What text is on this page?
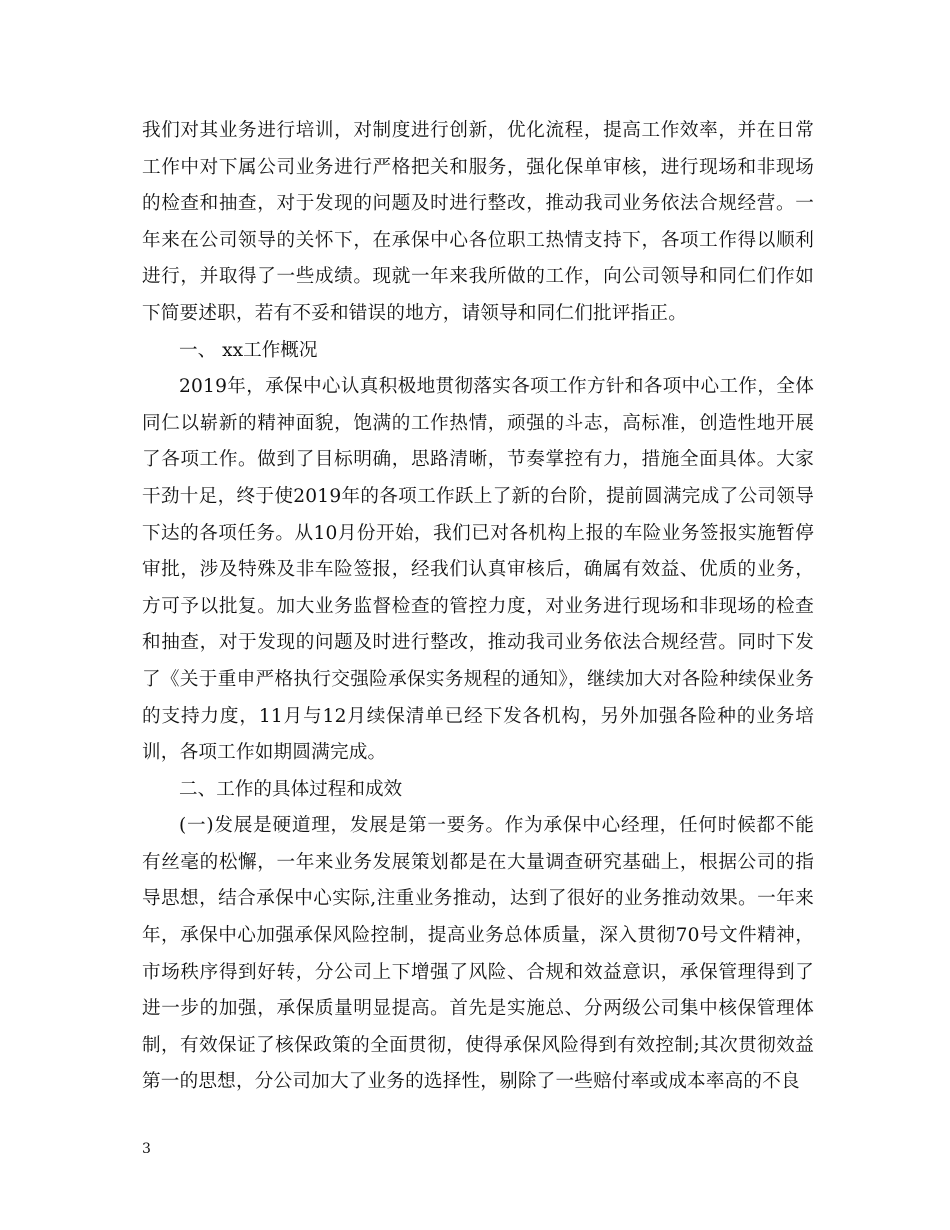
我们对其业务进行培训，对制度进行创新，优化流程，提高工作效率，并在日常工作中对下属公司业务进行严格把关和服务，强化保单审核，进行现场和非现场的检查和抽查，对于发现的问题及时进行整改，推动我司业务依法合规经营。一年来在公司领导的关怀下，在承保中心各位职工热情支持下，各项工作得以顺利进行，并取得了一些成绩。现就一年来我所做的工作，向公司领导和同仁们作如下简要述职，若有不妥和错误的地方，请领导和同仁们批评指正。

一、 xx工作概况

2019年，承保中心认真积极地贯彻落实各项工作方针和各项中心工作，全体同仁以崭新的精神面貌，饱满的工作热情，顽强的斗志，高标准，创造性地开展了各项工作。做到了目标明确，思路清晰，节奏掌控有力，措施全面具体。大家干劲十足，终于使2019年的各项工作跃上了新的台阶，提前圆满完成了公司领导下达的各项任务。从10月份开始，我们已对各机构上报的车险业务签报实施暂停审批，涉及特殊及非车险签报，经我们认真审核后，确属有效益、优质的业务，方可予以批复。加大业务监督检查的管控力度，对业务进行现场和非现场的检查和抽查，对于发现的问题及时进行整改，推动我司业务依法合规经营。同时下发了《关于重申严格执行交强险承保实务规程的通知》，继续加大对各险种续保业务的支持力度，11月与12月续保清单已经下发各机构，另外加强各险种的业务培训，各项工作如期圆满完成。

二、工作的具体过程和成效

(一)发展是硬道理，发展是第一要务。作为承保中心经理，任何时候都不能有丝毫的松懈，一年来业务发展策划都是在大量调查研究基础上，根据公司的指导思想，结合承保中心实际,注重业务推动，达到了很好的业务推动效果。一年来年，承保中心加强承保风险控制，提高业务总体质量，深入贯彻70号文件精神，市场秩序得到好转，分公司上下增强了风险、合规和效益意识，承保管理得到了进一步的加强，承保质量明显提高。首先是实施总、分两级公司集中核保管理体制，有效保证了核保政策的全面贯彻，使得承保风险得到有效控制;其次贯彻效益第一的思想，分公司加大了业务的选择性，剔除了一些赔付率或成本率高的不良

3
